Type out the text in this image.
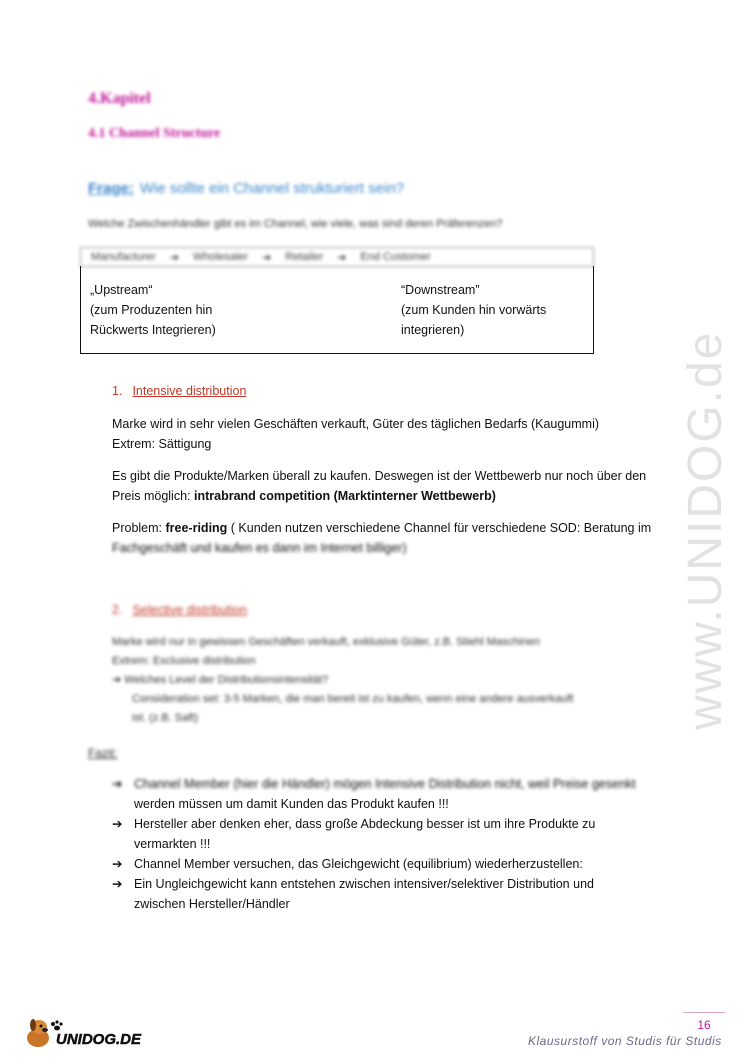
www.UNIDOG.de
4.Kapitel
4.1 Channel Structure
Frage: Wie sollte ein Channel strukturiert sein?
Welche Zwischenhändler gibt es im Channel, wie viele, was sind deren Präferenzen?
Manufacturer ➔ Wholesaler ➔ Retailer ➔ End Customer
„Upstream“
(zum Produzenten hin
Rückwerts Integrieren)
“Downstream”
(zum Kunden hin vorwärts
integrieren)
1. Intensive distribution
Marke wird in sehr vielen Geschäften verkauft, Güter des täglichen Bedarfs (Kaugummi)
Extrem: Sättigung
Es gibt die Produkte/Marken überall zu kaufen. Deswegen ist der Wettbewerb nur noch über den
Preis möglich: intrabrand competition (Marktinterner Wettbewerb)
Problem: free-riding ( Kunden nutzen verschiedene Channel für verschiedene SOD: Beratung im
Fachgeschäft und kaufen es dann im Internet billiger)
2. Selective distribution
Marke wird nur in gewissen Geschäften verkauft, exklusive Güter, z.B. Stiehl Maschinen
Extrem: Exclusive distribution
➔ Welches Level der Distributionsintensität?
Consideration set: 3-5 Marken, die man bereit ist zu kaufen, wenn eine andere ausverkauft
ist. (z.B. Saft)
Fazit:
➔ Channel Member (hier die Händler) mögen Intensive Distribution nicht, weil Preise gesenkt
werden müssen um damit Kunden das Produkt kaufen !!!
➔ Hersteller aber denken eher, dass große Abdeckung besser ist um ihre Produkte zu
vermarkten !!!
➔ Channel Member versuchen, das Gleichgewicht (equilibrium) wiederherzustellen:
➔ Ein Ungleichgewicht kann entstehen zwischen intensiver/selektiver Distribution und
zwischen Hersteller/Händler
UNIDOG.DE
16
Klausurstoff von Studis für Studis
